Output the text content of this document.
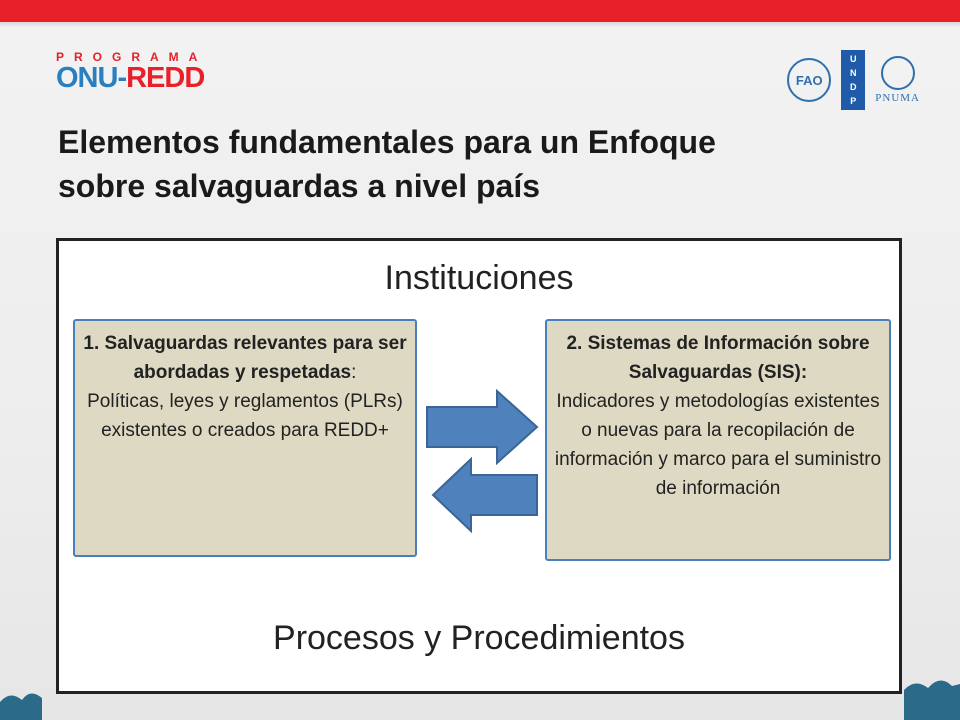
PROGRAMA
ONU-REDD	FAO
U
N
D
P PNUMA
Elementos fundamentales para un Enfoque
sobre salvaguardas a nivel país
Instituciones
1. Salvaguardas relevantes para ser abordadas y respetadas:
Políticas, leyes y reglamentos (PLRs) existentes o creados para REDD+
2. Sistemas de Información sobre Salvaguardas (SIS):
Indicadores y metodologías existentes o nuevas para la recopilación de información y marco para el suministro de información
Procesos y Procedimientos
